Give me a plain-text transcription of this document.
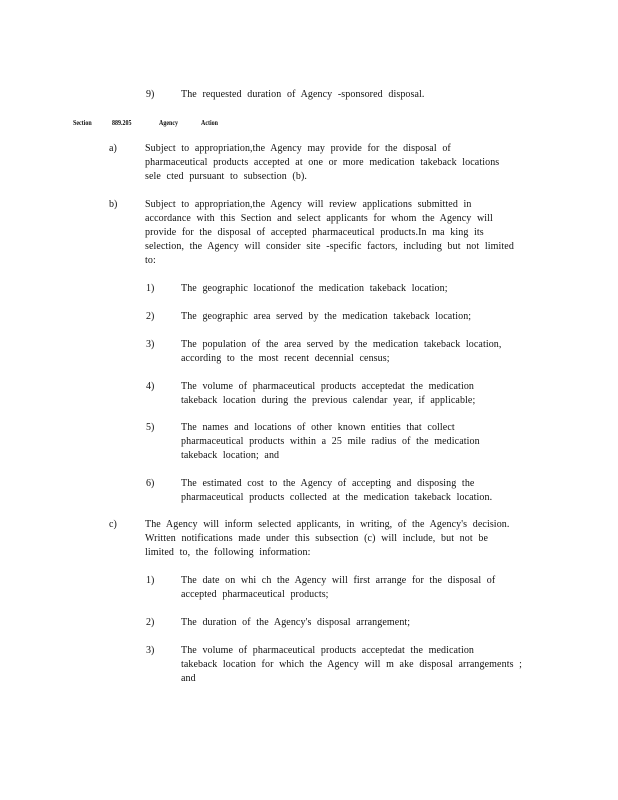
9)	The requested duration of Agency -sponsored disposal.
Section	889.205	Agency	Action
a)	Subject to appropriation,the Agency may provide for the disposal of
pharmaceutical products accepted at one or more medication takeback locations
sele cted pursuant to subsection (b).
b)	Subject to appropriation,the Agency will review applications submitted in
accordance with this Section and select applicants for whom the Agency will
provide for the disposal of accepted pharmaceutical products.In ma king its
selection, the Agency will consider site -specific factors, including but not limited
to:
1)	The geographic locationof the medication takeback location;
2)	The geographic area served by the medication takeback location;
3)	The population of the area served by the medication takeback location,
according to the most recent decennial census;
4)	The volume of pharmaceutical products acceptedat the medication
takeback location during the previous calendar year, if applicable;
5)	The names and locations of other known entities that collect
pharmaceutical products within a 25 mile radius of the medication
takeback location; and
6)	The estimated cost to the Agency of accepting and disposing the
pharmaceutical products collected at the medication takeback location.
c)	The Agency will inform selected applicants, in writing, of the Agency's decision.
Written notifications made under this subsection (c) will include, but not be
limited to, the following information:
1)	The date on whi ch the Agency will first arrange for the disposal of
accepted pharmaceutical products;
2)	The duration of the Agency's disposal arrangement;
3)	The volume of pharmaceutical products acceptedat the medication
takeback location for which the Agency will m ake disposal arrangements ;
and
